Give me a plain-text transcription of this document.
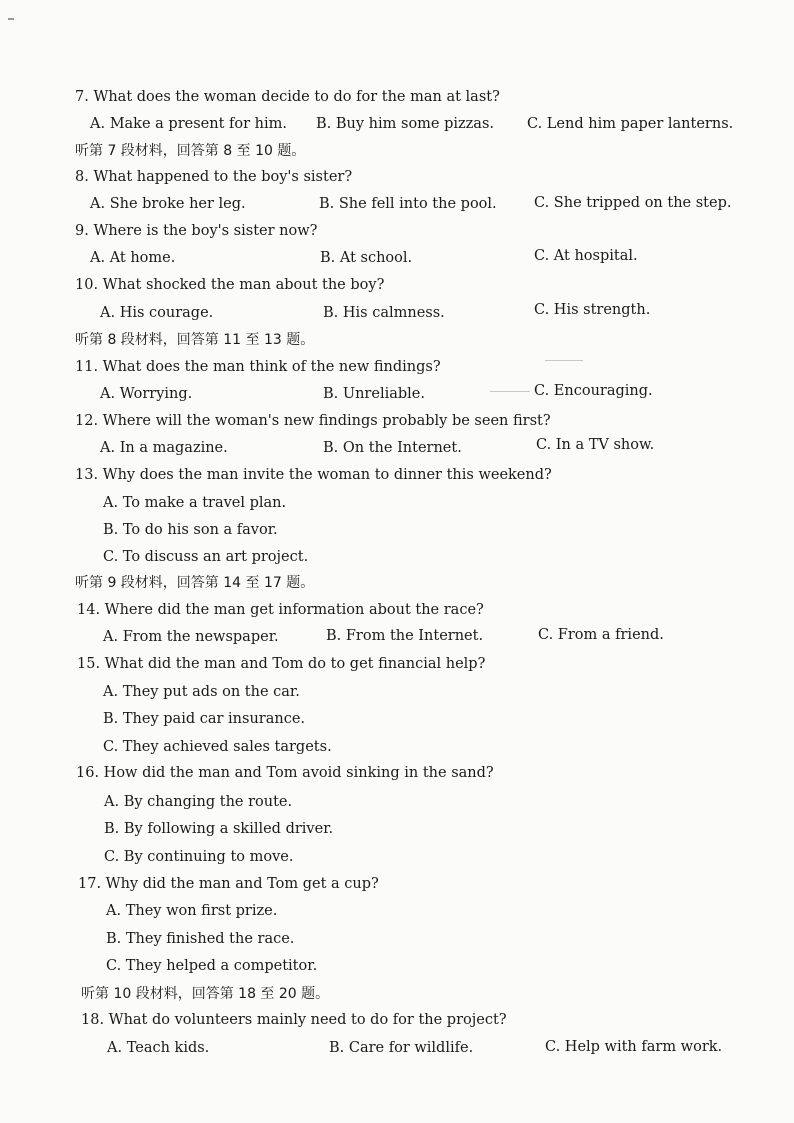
7. What does the woman decide to do for the man at last?
A. Make a present for him. B. Buy him some pizzas. C. Lend him paper lanterns.
听第 7 段材料，回答第 8 至 10 题。
8. What happened to the boy's sister?
A. She broke her leg.	B. She fell into the pool.	C. She tripped on the step.
9. Where is the boy's sister now?
A. At home.	B. At school.	C. At hospital.
10. What shocked the man about the boy?
A. His courage.	B. His calmness.	C. His strength.
听第 8 段材料，回答第 11 至 13 题。
11. What does the man think of the new findings?
A. Worrying.	B. Unreliable.	C. Encouraging.
12. Where will the woman's new findings probably be seen first?
A. In a magazine.	B. On the Internet.	C. In a TV show.
13. Why does the man invite the woman to dinner this weekend?
A. To make a travel plan.
B. To do his son a favor.
C. To discuss an art project.
听第 9 段材料，回答第 14 至 17 题。
14. Where did the man get information about the race?
A. From the newspaper.	B. From the Internet.	C. From a friend.
15. What did the man and Tom do to get financial help?
A. They put ads on the car.
B. They paid car insurance.
C. They achieved sales targets.
16. How did the man and Tom avoid sinking in the sand?
A. By changing the route.
B. By following a skilled driver.
C. By continuing to move.
17. Why did the man and Tom get a cup?
A. They won first prize.
B. They finished the race.
C. They helped a competitor.
听第 10 段材料，回答第 18 至 20 题。
18. What do volunteers mainly need to do for the project?
A. Teach kids.	B. Care for wildlife.	C. Help with farm work.
